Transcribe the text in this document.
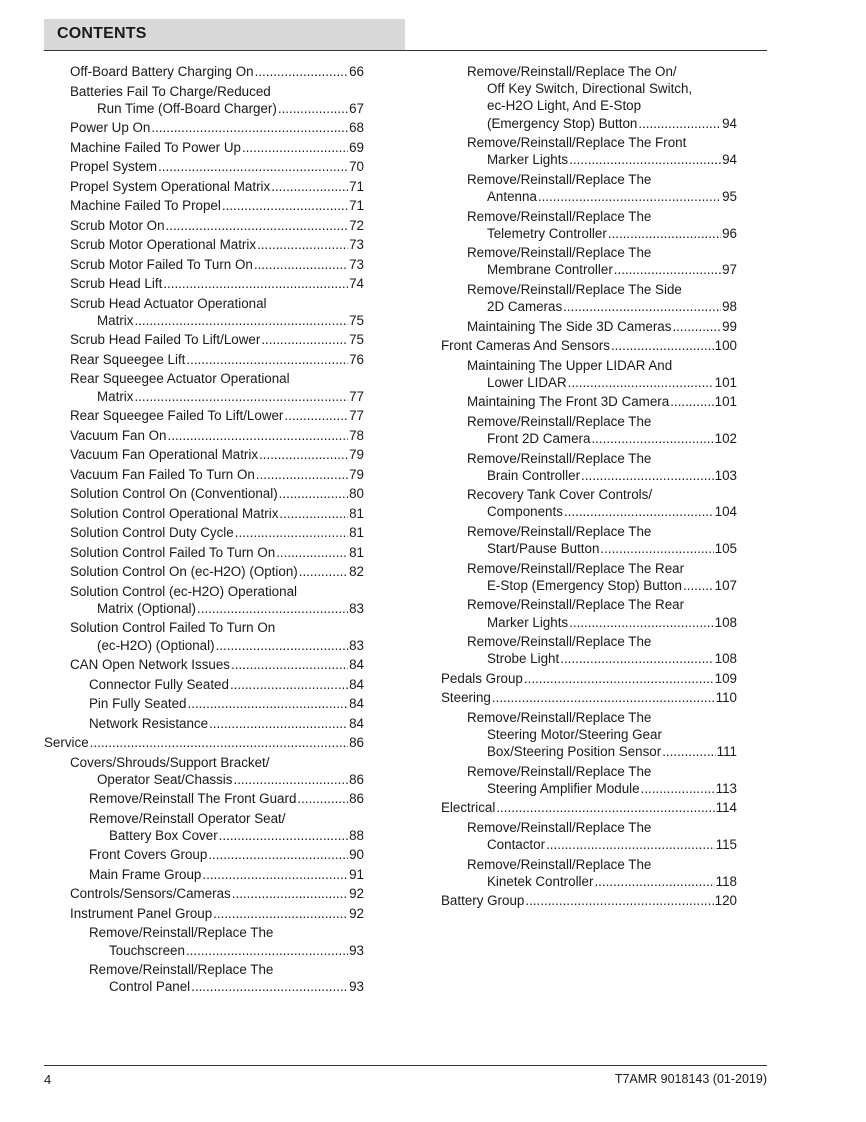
CONTENTS
Off-Board Battery Charging On .....	66
Batteries Fail To Charge/Reduced
Run Time (Off-Board Charger) .....	67
Power Up On .....	68
Machine Failed To Power Up .....	69
Propel System .....	70
Propel System Operational Matrix .....	71
Machine Failed To Propel .....	71
Scrub Motor On .....	72
Scrub Motor Operational Matrix .....	73
Scrub Motor Failed To Turn On .....	73
Scrub Head Lift .....	74
Scrub Head Actuator Operational
Matrix .....	75
Scrub Head Failed To Lift/Lower .....	75
Rear Squeegee Lift .....	76
Rear Squeegee Actuator Operational
Matrix .....	77
Rear Squeegee Failed To Lift/Lower .....	77
Vacuum Fan On .....	78
Vacuum Fan Operational Matrix .....	79
Vacuum Fan Failed To Turn On .....	79
Solution Control On (Conventional) .....	80
Solution Control Operational Matrix .....	81
Solution Control Duty Cycle .....	81
Solution Control Failed To Turn On .....	81
Solution Control On (ec-H2O) (Option) .....	82
Solution Control (ec-H2O) Operational
Matrix (Optional) .....	83
Solution Control Failed To Turn On
(ec-H2O) (Optional) .....	83
CAN Open Network Issues .....	84
Connector Fully Seated .....	84
Pin Fully Seated .....	84
Network Resistance .....	84
Service .....	86
Covers/Shrouds/Support Bracket/
Operator Seat/Chassis .....	86
Remove/Reinstall The Front Guard .....	86
Remove/Reinstall Operator Seat/
Battery Box Cover .....	88
Front Covers Group .....	90
Main Frame Group .....	91
Controls/Sensors/Cameras .....	92
Instrument Panel Group .....	92
Remove/Reinstall/Replace The
Touchscreen .....	93
Remove/Reinstall/Replace The
Control Panel .....	93
Remove/Reinstall/Replace The On/
Off Key Switch, Directional Switch,
ec-H2O Light, And E-Stop
(Emergency Stop) Button .....	94
Remove/Reinstall/Replace The Front
Marker Lights .....	94
Remove/Reinstall/Replace The
Antenna .....	95
Remove/Reinstall/Replace The
Telemetry Controller .....	96
Remove/Reinstall/Replace The
Membrane Controller .....	97
Remove/Reinstall/Replace The Side
2D Cameras .....	98
Maintaining The Side 3D Cameras .....	99
Front Cameras And Sensors .....	100
Maintaining The Upper LIDAR And
Lower LIDAR .....	101
Maintaining The Front 3D Camera .....	101
Remove/Reinstall/Replace The
Front 2D Camera .....	102
Remove/Reinstall/Replace The
Brain Controller .....	103
Recovery Tank Cover Controls/
Components .....	104
Remove/Reinstall/Replace The
Start/Pause Button .....	105
Remove/Reinstall/Replace The Rear
E-Stop (Emergency Stop) Button ..... 107
Remove/Reinstall/Replace The Rear
Marker Lights .....	108
Remove/Reinstall/Replace The
Strobe Light .....	108
Pedals Group .....	109
Steering .....	110
Remove/Reinstall/Replace The
Steering Motor/Steering Gear
Box/Steering Position Sensor .....	111
Remove/Reinstall/Replace The
Steering Amplifier Module .....	113
Electrical .....	114
Remove/Reinstall/Replace The
Contactor .....	115
Remove/Reinstall/Replace The
Kinetek Controller .....	118
Battery Group .....	120
4	T7AMR 9018143 (01-2019)
